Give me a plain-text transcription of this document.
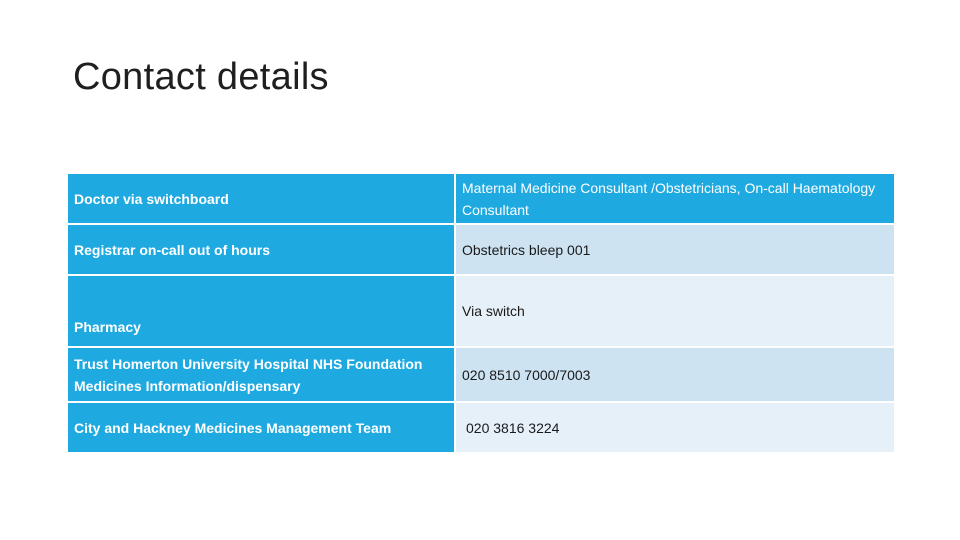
Contact details
Doctor via switchboard	Maternal Medicine Consultant /Obstetricians, On-call Haematology Consultant
Registrar on-call out of hours	Obstetrics bleep 001
Pharmacy	Via switch
Trust Homerton University Hospital NHS Foundation Medicines Information/dispensary	020 8510 7000/7003
City and Hackney Medicines Management Team	020 3816 3224
